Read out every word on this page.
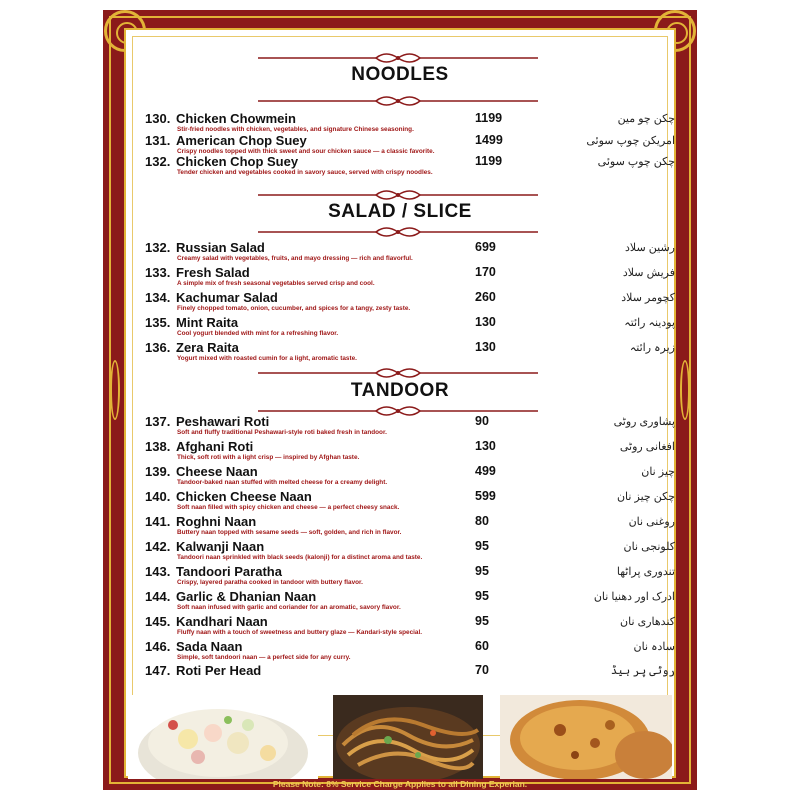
NOODLES
130. Chicken Chowmein
Stir-fried noodles with chicken, vegetables, and signature Chinese seasoning.
1199	چکن چو مین
131. American Chop Suey
Crispy noodles topped with thick sweet and sour chicken sauce — a classic favorite.
1499	امریکن چوپ سوئی
132. Chicken Chop Suey
Tender chicken and vegetables cooked in savory sauce, served with crispy noodles.
1199	چکن چوپ سوئی
SALAD / SLICE
132. Russian Salad
Creamy salad with vegetables, fruits, and mayo dressing — rich and flavorful.
699	رشین سلاد
133. Fresh Salad
A simple mix of fresh seasonal vegetables served crisp and cool.
170	فریش سلاد
134. Kachumar Salad
Finely chopped tomato, onion, cucumber, and spices for a tangy, zesty taste.
260	کچومر سلاد
135. Mint Raita
Cool yogurt blended with mint for a refreshing flavor.
130	پودینہ رائتہ
136. Zera Raita
Yogurt mixed with roasted cumin for a light, aromatic taste.
130	زیرہ رائتہ
TANDOOR
137. Peshawari Roti
Soft and fluffy traditional Peshawari-style roti baked fresh in tandoor.
90	پشاوری روٹی
138. Afghani Roti
Thick, soft roti with a light crisp — inspired by Afghan taste.
130	افغانی روٹی
139. Cheese Naan
Tandoor-baked naan stuffed with melted cheese for a creamy delight.
499	چیز نان
140. Chicken Cheese Naan
Soft naan filled with spicy chicken and cheese — a perfect cheesy snack.
599	چکن چیز نان
141. Roghni Naan
Buttery naan topped with sesame seeds — soft, golden, and rich in flavor.
80	روغنی نان
142. Kalwanji Naan
Tandoori naan sprinkled with black seeds (kalonji) for a distinct aroma and taste.
95	کلونجی نان
143. Tandoori Paratha
Crispy, layered paratha cooked in tandoor with buttery flavor.
95	تندوری پراٹھا
144. Garlic & Dhanian Naan
Soft naan infused with garlic and coriander for an aromatic, savory flavor.
95	ادرک اور دھنیا نان
145. Kandhari Naan
Fluffy naan with a touch of sweetness and buttery glaze — Kandari-style special.
95	کندھاری نان
146. Sada Naan
Simple, soft tandoori naan — a perfect side for any curry.
60	سادہ نان
147. Roti Per Head	70	روٹی پر ہیڈ
Please Note: 8% Service Charge Applies to all Dining Experian.
